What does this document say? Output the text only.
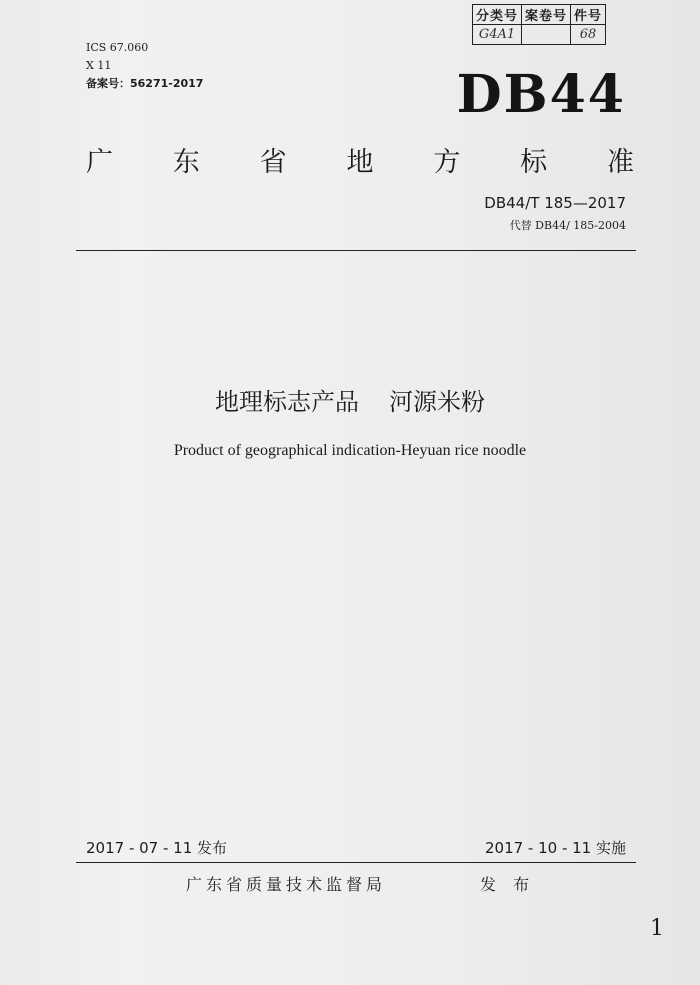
ICS 67.060
X 11
备案号：56271-2017
分类号	案卷号	件号
G4A1		68
DB44
广 东 省 地 方 标 准
DB44/T 185—2017
代替 DB44/ 185-2004
地理标志产品 河源米粉
Product of geographical indication-Heyuan rice noodle
2017 - 07 - 11 发布	2017 - 10 - 11 实施
广东省质量技术监督局	发 布
1
